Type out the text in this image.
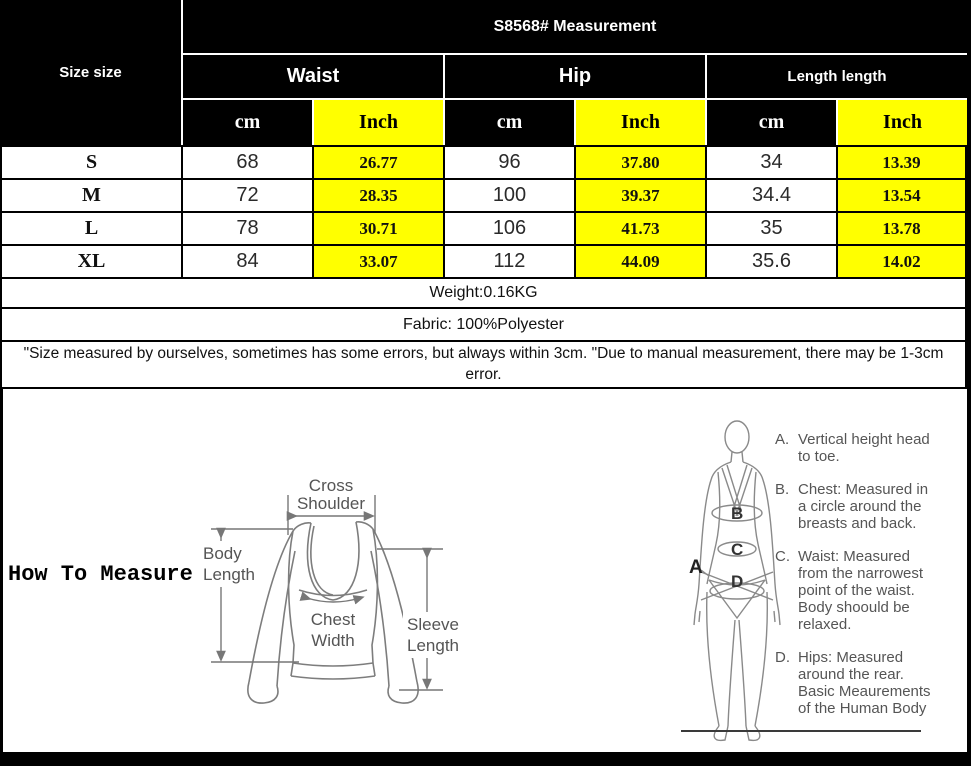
Size size
S8568# Measurement
Waist	Hip	Length length
cm	Inch	cm	Inch	cm	Inch
S	68	26.77	96	37.80	34	13.39
M	72	28.35	100	39.37	34.4	13.54
L	78	30.71	106	41.73	35	13.78
XL	84	33.07	112	44.09	35.6	14.02
Weight:0.16KG
Fabric: 100%Polyester
"Size measured by ourselves, sometimes has some errors, but always within 3cm. "Due to manual measurement, there may be 1-3cm error.
How To Measure
Cross
Shoulder
Body
Length
Chest
Width
Sleeve
Length
A
B
C
D
A. Vertical height head to toe.
B. Chest: Measured in a circle around the breasts and back.
C. Waist: Measured from the narrowest point of the waist. Body shoould be relaxed.
D. Hips: Measured around the rear. Basic Meaurements of the Human Body
